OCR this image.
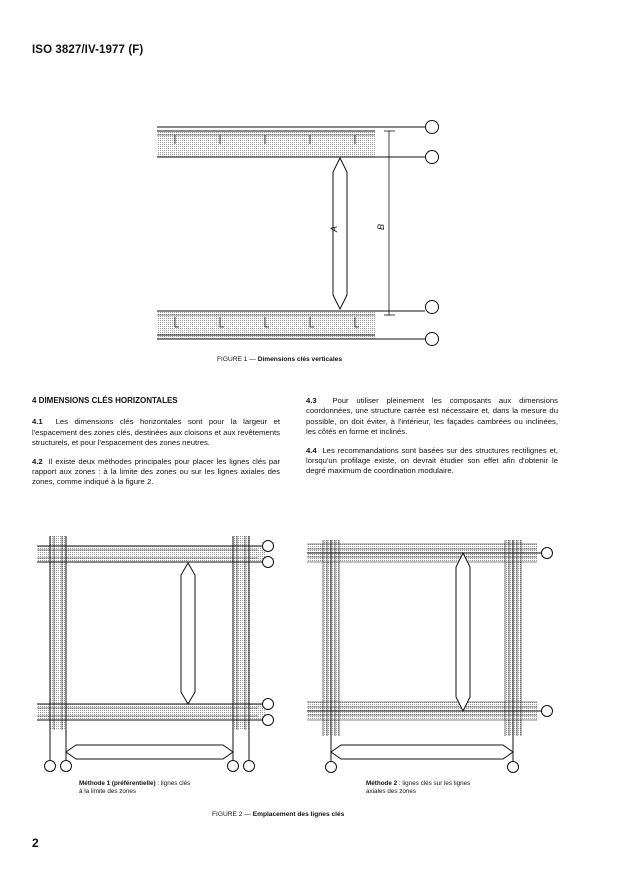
ISO 3827/IV-1977 (F)
A	B
FIGURE 1 — Dimensions clés verticales
4 DIMENSIONS CLÉS HORIZONTALES

4.1 Les dimensions clés horizontales sont pour la largeur et l'espacement des zones clés, destinées aux cloisons et aux revêtements structurels, et pour l'espacement des zones neutres.

4.2 Il existe deux méthodes principales pour placer les lignes clés par rapport aux zones : à la limite des zones ou sur les lignes axiales des zones, comme indiqué à la figure 2.

4.3 Pour utiliser pleinement les composants aux dimensions coordonnées, une structure carrée est nécessaire et, dans la mesure du possible, on doit éviter, à l'intérieur, les façades cambrées ou inclinées, les côtés en forme et inclinés.

4.4 Les recommandations sont basées sur des structures rectilignes et, lorsqu'un profilage existe, on devrait étudier son effet afin d'obtenir le degré maximum de coordination modulaire.

Méthode 1 (préférentielle) : lignes clés
à la limite des zones
Méthode 2 : lignes clés sur les lignes
axiales des zones
FIGURE 2 — Emplacement des lignes clés
2
